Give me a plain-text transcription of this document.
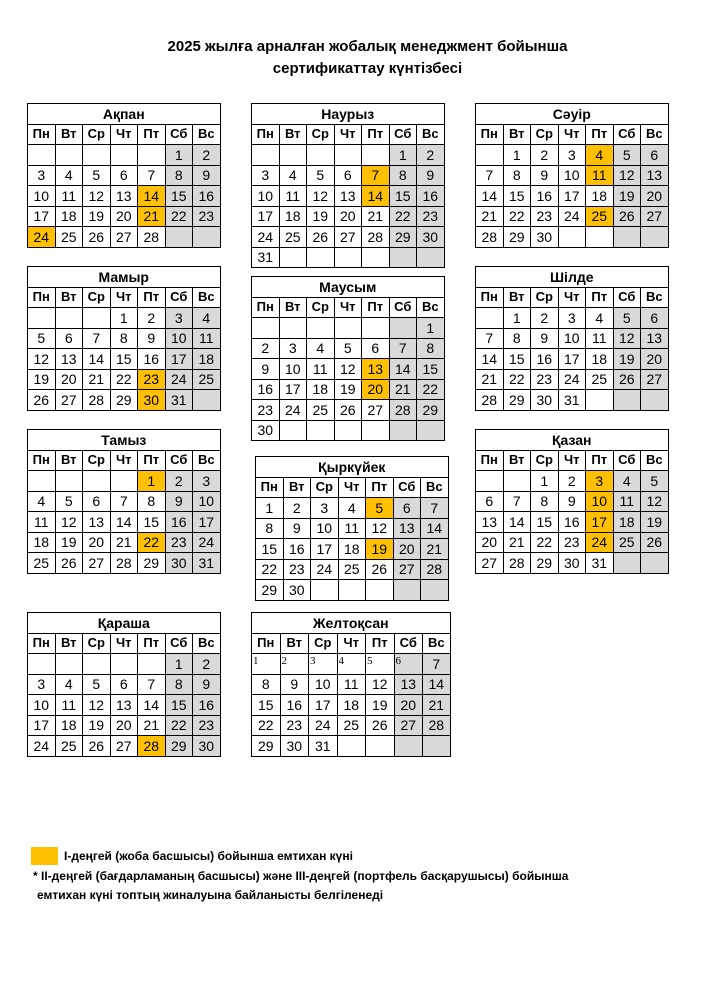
2025 жылға арналған жобалық менеджмент бойынша
сертификаттау күнтізбесі
Ақпан						
Пн	Вт	Ср	Чт	Пт	Сб	Вс
					1	2
3	4	5	6	7	8	9
10	11	12	13	14	15	16
17	18	19	20	21	22	23
24	25	26	27	28		
Наурыз						
Пн	Вт	Ср	Чт	Пт	Сб	Вс
					1	2
3	4	5	6	7	8	9
10	11	12	13	14	15	16
17	18	19	20	21	22	23
24	25	26	27	28	29	30
31						
Сәуір						
Пн	Вт	Ср	Чт	Пт	Сб	Вс
	1	2	3	4	5	6
7	8	9	10	11	12	13
14	15	16	17	18	19	20
21	22	23	24	25	26	27
28	29	30				
Мамыр						
Пн	Вт	Ср	Чт	Пт	Сб	Вс
			1	2	3	4
5	6	7	8	9	10	11
12	13	14	15	16	17	18
19	20	21	22	23	24	25
26	27	28	29	30	31	
Маусым						
Пн	Вт	Ср	Чт	Пт	Сб	Вс
						1
2	3	4	5	6	7	8
9	10	11	12	13	14	15
16	17	18	19	20	21	22
23	24	25	26	27	28	29
30						
Шілде						
Пн	Вт	Ср	Чт	Пт	Сб	Вс
	1	2	3	4	5	6
7	8	9	10	11	12	13
14	15	16	17	18	19	20
21	22	23	24	25	26	27
28	29	30	31			
Тамыз						
Пн	Вт	Ср	Чт	Пт	Сб	Вс
				1	2	3
4	5	6	7	8	9	10
11	12	13	14	15	16	17
18	19	20	21	22	23	24
25	26	27	28	29	30	31
Қыркүйек						
Пн	Вт	Ср	Чт	Пт	Сб	Вс
1	2	3	4	5	6	7
8	9	10	11	12	13	14
15	16	17	18	19	20	21
22	23	24	25	26	27	28
29	30					
Қазан						
Пн	Вт	Ср	Чт	Пт	Сб	Вс
		1	2	3	4	5
6	7	8	9	10	11	12
13	14	15	16	17	18	19
20	21	22	23	24	25	26
27	28	29	30	31		
Қараша						
Пн	Вт	Ср	Чт	Пт	Сб	Вс
					1	2
3	4	5	6	7	8	9
10	11	12	13	14	15	16
17	18	19	20	21	22	23
24	25	26	27	28	29	30
Желтоқсан						
Пн	Вт	Ср	Чт	Пт	Сб	Вс
1	2	3	4	5	6	7
8	9	10	11	12	13	14
15	16	17	18	19	20	21
22	23	24	25	26	27	28
29	30	31				
І-деңгей (жоба басшысы) бойынша емтихан күні
* ІІ-деңгей (бағдарламаның басшысы) және ІІІ-деңгей (портфель басқарушысы) бойынша
емтихан күні топтың жиналуына байланысты белгіленеді
